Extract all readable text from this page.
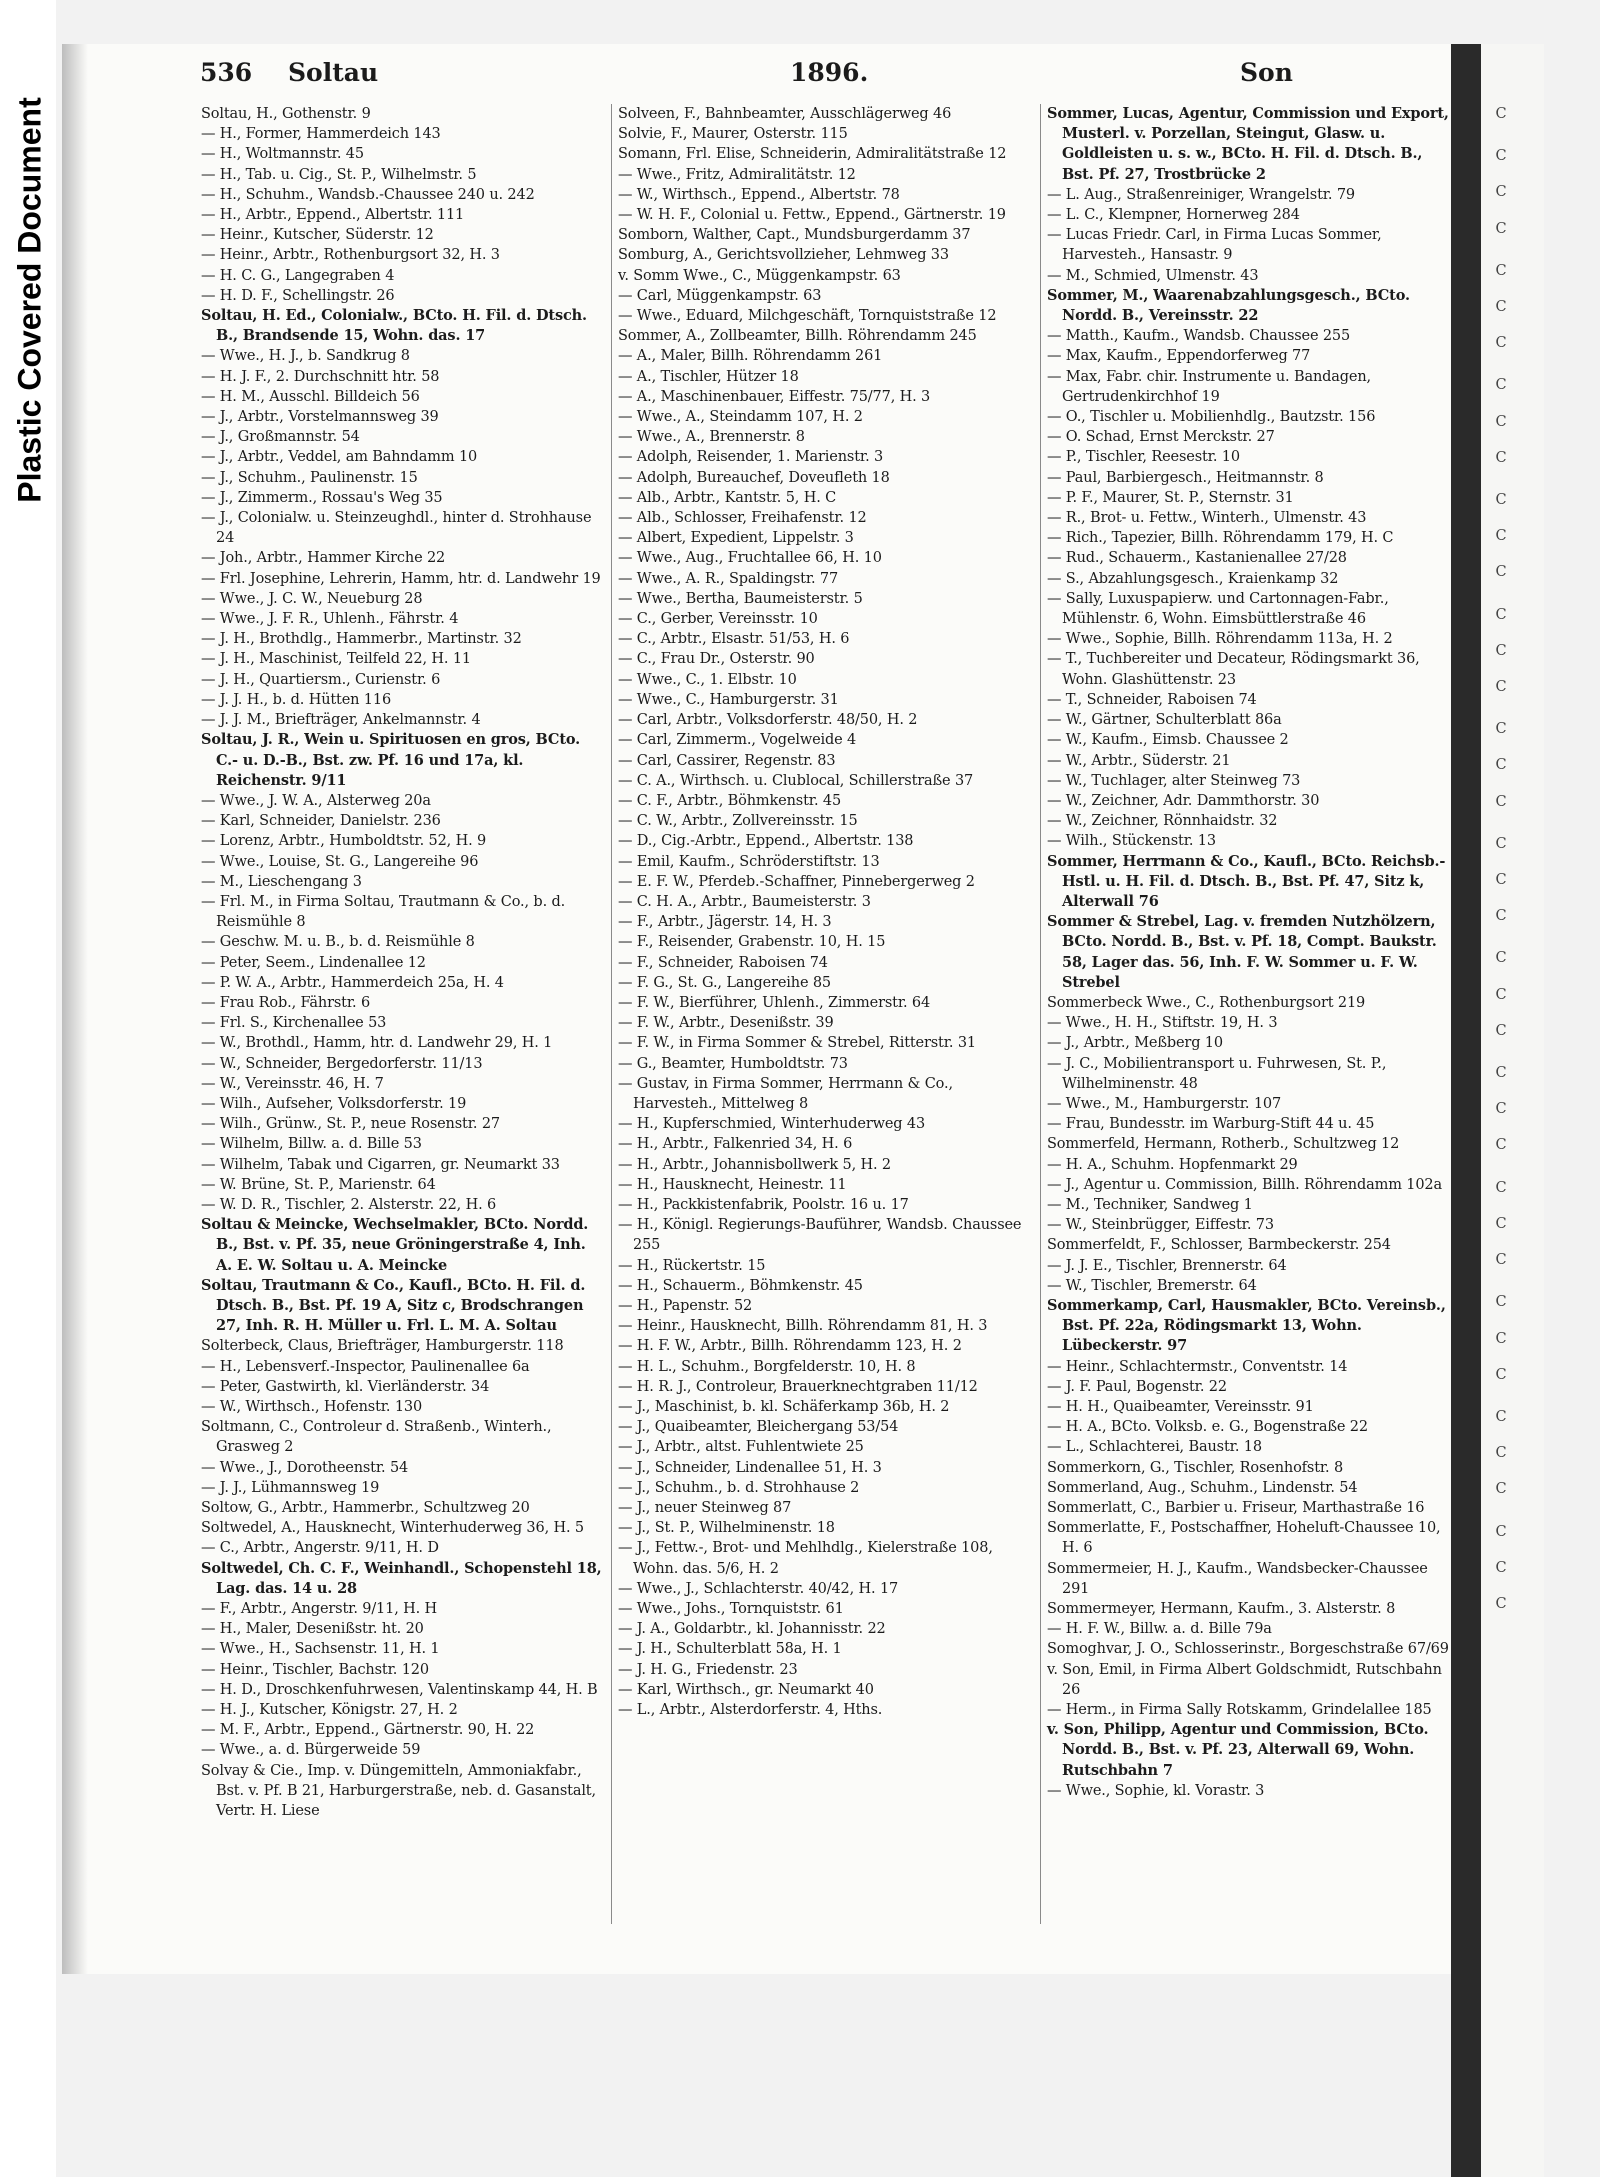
Plastic Covered Document
536 Soltau	1896.	Son

Soltau, H., Gothenstr. 9

— H., Former, Hammerdeich 143

— H., Woltmannstr. 45

— H., Tab. u. Cig., St. P., Wilhelmstr. 5

— H., Schuhm., Wandsb.-Chaussee 240 u. 242

— H., Arbtr., Eppend., Albertstr. 111

— Heinr., Kutscher, Süderstr. 12

— Heinr., Arbtr., Rothenburgsort 32, H. 3

— H. C. G., Langegraben 4

— H. D. F., Schellingstr. 26

Soltau, H. Ed., Colonialw., BCto. H. Fil. d. Dtsch. B., Brandsende 15, Wohn. das. 17

— Wwe., H. J., b. Sandkrug 8

— H. J. F., 2. Durchschnitt htr. 58

— H. M., Ausschl. Billdeich 56

— J., Arbtr., Vorstelmannsweg 39

— J., Großmannstr. 54

— J., Arbtr., Veddel, am Bahndamm 10

— J., Schuhm., Paulinenstr. 15

— J., Zimmerm., Rossau's Weg 35

— J., Colonialw. u. Steinzeughdl., hinter d. Strohhause 24

— Joh., Arbtr., Hammer Kirche 22

— Frl. Josephine, Lehrerin, Hamm, htr. d. Landwehr 19

— Wwe., J. C. W., Neueburg 28

— Wwe., J. F. R., Uhlenh., Fährstr. 4

— J. H., Brothdlg., Hammerbr., Martinstr. 32

— J. H., Maschinist, Teilfeld 22, H. 11

— J. H., Quartiersm., Curienstr. 6

— J. J. H., b. d. Hütten 116

— J. J. M., Briefträger, Ankelmannstr. 4

Soltau, J. R., Wein u. Spirituosen en gros, BCto. C.- u. D.-B., Bst. zw. Pf. 16 und 17a, kl. Reichenstr. 9/11

— Wwe., J. W. A., Alsterweg 20a

— Karl, Schneider, Danielstr. 236

— Lorenz, Arbtr., Humboldtstr. 52, H. 9

— Wwe., Louise, St. G., Langereihe 96

— M., Lieschengang 3

— Frl. M., in Firma Soltau, Trautmann & Co., b. d. Reismühle 8

— Geschw. M. u. B., b. d. Reismühle 8

— Peter, Seem., Lindenallee 12

— P. W. A., Arbtr., Hammerdeich 25a, H. 4

— Frau Rob., Fährstr. 6

— Frl. S., Kirchenallee 53

— W., Brothdl., Hamm, htr. d. Landwehr 29, H. 1

— W., Schneider, Bergedorferstr. 11/13

— W., Vereinsstr. 46, H. 7

— Wilh., Aufseher, Volksdorferstr. 19

— Wilh., Grünw., St. P., neue Rosenstr. 27

— Wilhelm, Billw. a. d. Bille 53

— Wilhelm, Tabak und Cigarren, gr. Neumarkt 33

— W. Brüne, St. P., Marienstr. 64

— W. D. R., Tischler, 2. Alsterstr. 22, H. 6

Soltau & Meincke, Wechselmakler, BCto. Nordd. B., Bst. v. Pf. 35, neue Gröningerstraße 4, Inh. A. E. W. Soltau u. A. Meincke

Soltau, Trautmann & Co., Kaufl., BCto. H. Fil. d. Dtsch. B., Bst. Pf. 19 A, Sitz c, Brodschrangen 27, Inh. R. H. Müller u. Frl. L. M. A. Soltau

Solterbeck, Claus, Briefträger, Hamburgerstr. 118

— H., Lebensverf.-Inspector, Paulinenallee 6a

— Peter, Gastwirth, kl. Vierländerstr. 34

— W., Wirthsch., Hofenstr. 130

Soltmann, C., Controleur d. Straßenb., Winterh., Grasweg 2

— Wwe., J., Dorotheenstr. 54

— J. J., Lühmannsweg 19

Soltow, G., Arbtr., Hammerbr., Schultzweg 20

Soltwedel, A., Hausknecht, Winterhuderweg 36, H. 5

— C., Arbtr., Angerstr. 9/11, H. D

Soltwedel, Ch. C. F., Weinhandl., Schopenstehl 18, Lag. das. 14 u. 28

— F., Arbtr., Angerstr. 9/11, H. H

— H., Maler, Desenißstr. ht. 20

— Wwe., H., Sachsenstr. 11, H. 1

— Heinr., Tischler, Bachstr. 120

— H. D., Droschkenfuhrwesen, Valentinskamp 44, H. B

— H. J., Kutscher, Königstr. 27, H. 2

— M. F., Arbtr., Eppend., Gärtnerstr. 90, H. 22

— Wwe., a. d. Bürgerweide 59

Solvay & Cie., Imp. v. Düngemitteln, Ammoniakfabr., Bst. v. Pf. B 21, Harburgerstraße, neb. d. Gasanstalt, Vertr. H. Liese

Solveen, F., Bahnbeamter, Ausschlägerweg 46

Solvie, F., Maurer, Osterstr. 115

Somann, Frl. Elise, Schneiderin, Admiralitätstraße 12

— Wwe., Fritz, Admiralitätstr. 12

— W., Wirthsch., Eppend., Albertstr. 78

— W. H. F., Colonial u. Fettw., Eppend., Gärtnerstr. 19

Somborn, Walther, Capt., Mundsburgerdamm 37

Somburg, A., Gerichtsvollzieher, Lehmweg 33

v. Somm Wwe., C., Müggenkampstr. 63

— Carl, Müggenkampstr. 63

— Wwe., Eduard, Milchgeschäft, Tornquiststraße 12

Sommer, A., Zollbeamter, Billh. Röhrendamm 245

— A., Maler, Billh. Röhrendamm 261

— A., Tischler, Hützer 18

— A., Maschinenbauer, Eiffestr. 75/77, H. 3

— Wwe., A., Steindamm 107, H. 2

— Wwe., A., Brennerstr. 8

— Adolph, Reisender, 1. Marienstr. 3

— Adolph, Bureauchef, Doveufleth 18

— Alb., Arbtr., Kantstr. 5, H. C

— Alb., Schlosser, Freihafenstr. 12

— Albert, Expedient, Lippelstr. 3

— Wwe., Aug., Fruchtallee 66, H. 10

— Wwe., A. R., Spaldingstr. 77

— Wwe., Bertha, Baumeisterstr. 5

— C., Gerber, Vereinsstr. 10

— C., Arbtr., Elsastr. 51/53, H. 6

— C., Frau Dr., Osterstr. 90

— Wwe., C., 1. Elbstr. 10

— Wwe., C., Hamburgerstr. 31

— Carl, Arbtr., Volksdorferstr. 48/50, H. 2

— Carl, Zimmerm., Vogelweide 4

— Carl, Cassirer, Regenstr. 83

— C. A., Wirthsch. u. Clublocal, Schillerstraße 37

— C. F., Arbtr., Böhmkenstr. 45

— C. W., Arbtr., Zollvereinsstr. 15

— D., Cig.-Arbtr., Eppend., Albertstr. 138

— Emil, Kaufm., Schröderstiftstr. 13

— E. F. W., Pferdeb.-Schaffner, Pinnebergerweg 2

— C. H. A., Arbtr., Baumeisterstr. 3

— F., Arbtr., Jägerstr. 14, H. 3

— F., Reisender, Grabenstr. 10, H. 15

— F., Schneider, Raboisen 74

— F. G., St. G., Langereihe 85

— F. W., Bierführer, Uhlenh., Zimmerstr. 64

— F. W., Arbtr., Desenißstr. 39

— F. W., in Firma Sommer & Strebel, Ritterstr. 31

— G., Beamter, Humboldtstr. 73

— Gustav, in Firma Sommer, Herrmann & Co., Harvesteh., Mittelweg 8

— H., Kupferschmied, Winterhuderweg 43

— H., Arbtr., Falkenried 34, H. 6

— H., Arbtr., Johannisbollwerk 5, H. 2

— H., Hausknecht, Heinestr. 11

— H., Packkistenfabrik, Poolstr. 16 u. 17

— H., Königl. Regierungs-Bauführer, Wandsb. Chaussee 255

— H., Rückertstr. 15

— H., Schauerm., Böhmkenstr. 45

— H., Papenstr. 52

— Heinr., Hausknecht, Billh. Röhrendamm 81, H. 3

— H. F. W., Arbtr., Billh. Röhrendamm 123, H. 2

— H. L., Schuhm., Borgfelderstr. 10, H. 8

— H. R. J., Controleur, Brauerknechtgraben 11/12

— J., Maschinist, b. kl. Schäferkamp 36b, H. 2

— J., Quaibeamter, Bleichergang 53/54

— J., Arbtr., altst. Fuhlentwiete 25

— J., Schneider, Lindenallee 51, H. 3

— J., Schuhm., b. d. Strohhause 2

— J., neuer Steinweg 87

— J., St. P., Wilhelminenstr. 18

— J., Fettw.-, Brot- und Mehlhdlg., Kielerstraße 108, Wohn. das. 5/6, H. 2

— Wwe., J., Schlachterstr. 40/42, H. 17

— Wwe., Johs., Tornquiststr. 61

— J. A., Goldarbtr., kl. Johannisstr. 22

— J. H., Schulterblatt 58a, H. 1

— J. H. G., Friedenstr. 23

— Karl, Wirthsch., gr. Neumarkt 40

— L., Arbtr., Alsterdorferstr. 4, Hths.

Sommer, Lucas, Agentur, Commission und Export, Musterl. v. Porzellan, Steingut, Glasw. u. Goldleisten u. s. w., BCto. H. Fil. d. Dtsch. B., Bst. Pf. 27, Trostbrücke 2

— L. Aug., Straßenreiniger, Wrangelstr. 79

— L. C., Klempner, Hornerweg 284

— Lucas Friedr. Carl, in Firma Lucas Sommer, Harvesteh., Hansastr. 9

— M., Schmied, Ulmenstr. 43

Sommer, M., Waarenabzahlungsgesch., BCto. Nordd. B., Vereinsstr. 22

— Matth., Kaufm., Wandsb. Chaussee 255

— Max, Kaufm., Eppendorferweg 77

— Max, Fabr. chir. Instrumente u. Bandagen, Gertrudenkirchhof 19

— O., Tischler u. Mobilienhdlg., Bautzstr. 156

— O. Schad, Ernst Merckstr. 27

— P., Tischler, Reesestr. 10

— Paul, Barbiergesch., Heitmannstr. 8

— P. F., Maurer, St. P., Sternstr. 31

— R., Brot- u. Fettw., Winterh., Ulmenstr. 43

— Rich., Tapezier, Billh. Röhrendamm 179, H. C

— Rud., Schauerm., Kastanienallee 27/28

— S., Abzahlungsgesch., Kraienkamp 32

— Sally, Luxuspapierw. und Cartonnagen-Fabr., Mühlenstr. 6, Wohn. Eimsbüttlerstraße 46

— Wwe., Sophie, Billh. Röhrendamm 113a, H. 2

— T., Tuchbereiter und Decateur, Rödingsmarkt 36, Wohn. Glashüttenstr. 23

— T., Schneider, Raboisen 74

— W., Gärtner, Schulterblatt 86a

— W., Kaufm., Eimsb. Chaussee 2

— W., Arbtr., Süderstr. 21

— W., Tuchlager, alter Steinweg 73

— W., Zeichner, Adr. Dammthorstr. 30

— W., Zeichner, Rönnhaidstr. 32

— Wilh., Stückenstr. 13

Sommer, Herrmann & Co., Kaufl., BCto. Reichsb.-Hstl. u. H. Fil. d. Dtsch. B., Bst. Pf. 47, Sitz k, Alterwall 76

Sommer & Strebel, Lag. v. fremden Nutzhölzern, BCto. Nordd. B., Bst. v. Pf. 18, Compt. Baukstr. 58, Lager das. 56, Inh. F. W. Sommer u. F. W. Strebel

Sommerbeck Wwe., C., Rothenburgsort 219

— Wwe., H. H., Stiftstr. 19, H. 3

— J., Arbtr., Meßberg 10

— J. C., Mobilientransport u. Fuhrwesen, St. P., Wilhelminenstr. 48

— Wwe., M., Hamburgerstr. 107

— Frau, Bundesstr. im Warburg-Stift 44 u. 45

Sommerfeld, Hermann, Rotherb., Schultzweg 12

— H. A., Schuhm. Hopfenmarkt 29

— J., Agentur u. Commission, Billh. Röhrendamm 102a

— M., Techniker, Sandweg 1

— W., Steinbrügger, Eiffestr. 73

Sommerfeldt, F., Schlosser, Barmbeckerstr. 254

— J. J. E., Tischler, Brennerstr. 64

— W., Tischler, Bremerstr. 64

Sommerkamp, Carl, Hausmakler, BCto. Vereinsb., Bst. Pf. 22a, Rödingsmarkt 13, Wohn. Lübeckerstr. 97

— Heinr., Schlachtermstr., Conventstr. 14

— J. F. Paul, Bogenstr. 22

— H. H., Quaibeamter, Vereinsstr. 91

— H. A., BCto. Volksb. e. G., Bogenstraße 22

— L., Schlachterei, Baustr. 18

Sommerkorn, G., Tischler, Rosenhofstr. 8

Sommerland, Aug., Schuhm., Lindenstr. 54

Sommerlatt, C., Barbier u. Friseur, Marthastraße 16

Sommerlatte, F., Postschaffner, Hoheluft-Chaussee 10, H. 6

Sommermeier, H. J., Kaufm., Wandsbecker-Chaussee 291

Sommermeyer, Hermann, Kaufm., 3. Alsterstr. 8

— H. F. W., Billw. a. d. Bille 79a

Somoghvar, J. O., Schlosserinstr., Borgeschstraße 67/69

v. Son, Emil, in Firma Albert Goldschmidt, Rutschbahn 26

— Herm., in Firma Sally Rotskamm, Grindelallee 185

v. Son, Philipp, Agentur und Commission, BCto. Nordd. B., Bst. v. Pf. 23, Alterwall 69, Wohn. Rutschbahn 7

— Wwe., Sophie, kl. Vorastr. 3

C
C
C
C
C
C
C
C
C
C
C
C
C
C
C
C
C
C
C
C
C
C
C
C
C
C
C
C
C
C
C
C
C
C
C
C
C
C
C
C
